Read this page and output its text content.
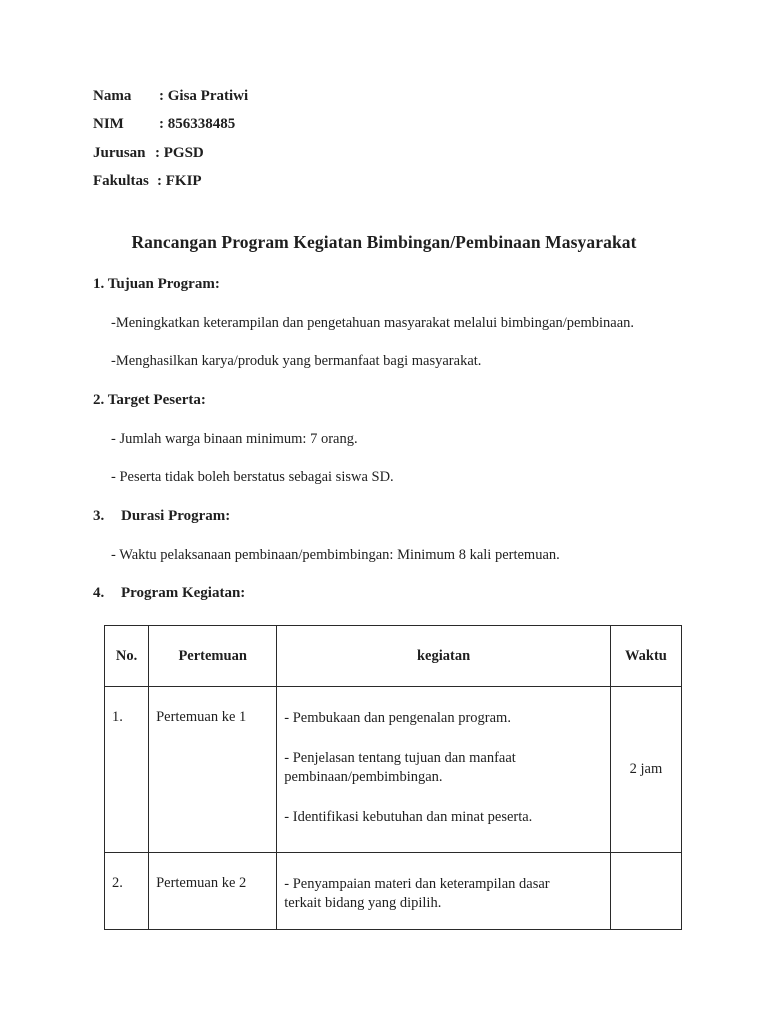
Nama : Gisa Pratiwi
NIM : 856338485
Jurusan : PGSD
Fakultas : FKIP
Rancangan Program Kegiatan Bimbingan/Pembinaan Masyarakat
1. Tujuan Program:
-Meningkatkan keterampilan dan pengetahuan masyarakat melalui bimbingan/pembinaan.
-Menghasilkan karya/produk yang bermanfaat bagi masyarakat.
2. Target Peserta:
- Jumlah warga binaan minimum: 7 orang.
- Peserta tidak boleh berstatus sebagai siswa SD.
3. Durasi Program:
- Waktu pelaksanaan pembinaan/pembimbingan: Minimum 8 kali pertemuan.
4. Program Kegiatan:
No.	Pertemuan	kegiatan	Waktu

1.	Pertemuan ke 1	- Pembukaan dan pengenalan program.
- Penjelasan tentang tujuan dan manfaat
pembinaan/pembimbingan.
- Identifikasi kebutuhan dan minat peserta.	2 jam

2.	Pertemuan ke 2	- Penyampaian materi dan keterampilan dasar
terkait bidang yang dipilih.	
